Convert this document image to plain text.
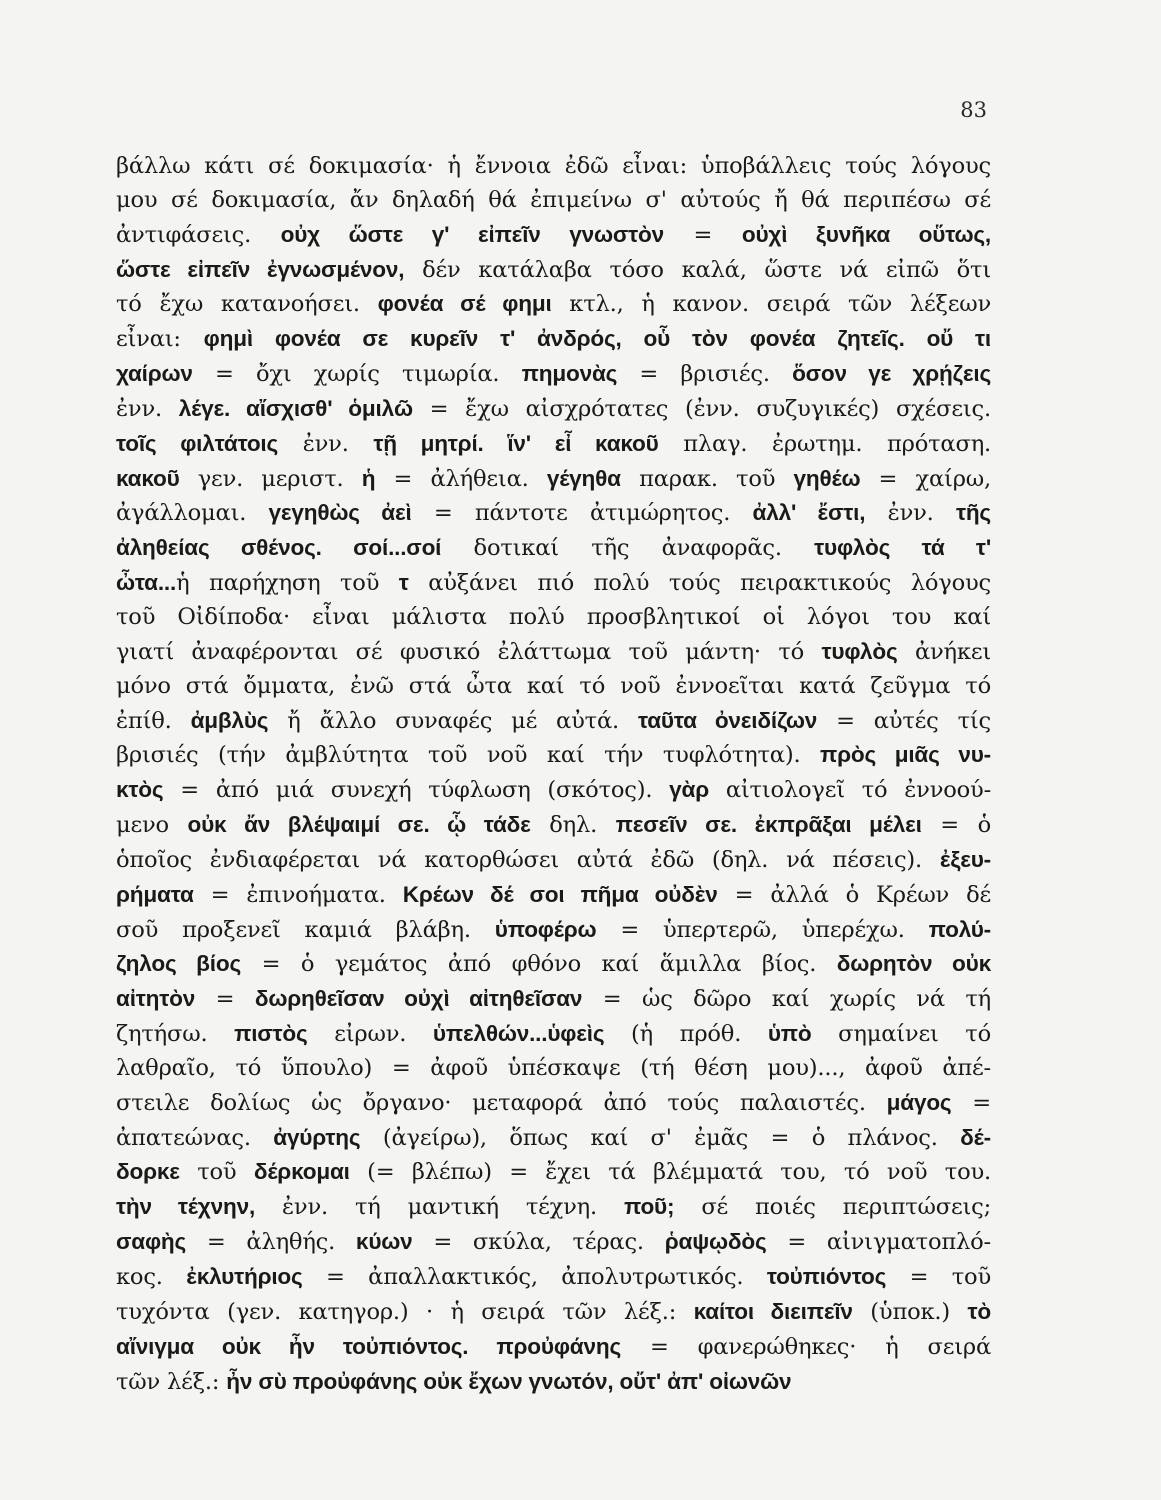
83
βάλλω κάτι σέ δοκιμασία· ἡ ἔννοια ἐδῶ εἶναι: ὑποβάλλεις τούς λόγους
μου σέ δοκιμασία, ἄν δηλαδή θά ἐπιμείνω σ' αὐτούς ἤ θά περιπέσω σέ
ἀντιφάσεις. οὐχ ὥστε γ' εἰπεῖν γνωστὸν = οὐχὶ ξυνῆκα οὕτως,
ὥστε εἰπεῖν ἐγνωσμένον, δέν κατάλαβα τόσο καλά, ὥστε νά εἰπῶ ὅτι
τό ἔχω κατανοήσει. φονέα σέ φημι κτλ., ἡ κανον. σειρά τῶν λέξεων
εἶναι: φημὶ φονέα σε κυρεῖν τ' ἀνδρός, οὗ τὸν φονέα ζητεῖς. οὔ τι
χαίρων = ὄχι χωρίς τιμωρία. πημονὰς = βρισιές. ὅσον γε χρῄζεις
ἐνν. λέγε. αἴσχισθ' ὁμιλῶ = ἔχω αἰσχρότατες (ἐνν. συζυγικές) σχέσεις.
τοῖς φιλτάτοις ἐνν. τῇ μητρί. ἵν' εἶ κακοῦ πλαγ. ἐρωτημ. πρόταση.
κακοῦ γεν. μεριστ. ἡ = ἀλήθεια. γέγηθα παρακ. τοῦ γηθέω = χαίρω,
ἀγάλλομαι. γεγηθὼς ἀεὶ = πάντοτε ἀτιμώρητος. ἀλλ' ἔστι, ἐνν. τῆς
ἀληθείας σθένος. σοί...σοί δοτικαί τῆς ἀναφορᾶς. τυφλὸς τά τ'
ὦτα...ἡ παρήχηση τοῦ τ αὐξάνει πιό πολύ τούς πειρακτικούς λόγους
τοῦ Οἰδίποδα· εἶναι μάλιστα πολύ προσβλητικοί οἱ λόγοι του καί
γιατί ἀναφέρονται σέ φυσικό ἐλάττωμα τοῦ μάντη· τό τυφλὸς ἀνήκει
μόνο στά ὄμματα, ἐνῶ στά ὦτα καί τό νοῦ ἐννοεῖται κατά ζεῦγμα τό
ἐπίθ. ἀμβλὺς ἤ ἄλλο συναφές μέ αὐτά. ταῦτα ὀνειδίζων = αὐτές τίς
βρισιές (τήν ἀμβλύτητα τοῦ νοῦ καί τήν τυφλότητα). πρὸς μιᾶς νυ-
κτὸς = ἀπό μιά συνεχή τύφλωση (σκότος). γὰρ αἰτιολογεῖ τό ἐννοού-
μενο οὐκ ἄν βλέψαιμί σε. ᾧ τάδε δηλ. πεσεῖν σε. ἐκπρᾶξαι μέλει = ὁ
ὁποῖος ἐνδιαφέρεται νά κατορθώσει αὐτά ἐδῶ (δηλ. νά πέσεις). ἐξευ-
ρήματα = ἐπινοήματα. Κρέων δέ σοι πῆμα οὐδὲν = ἀλλά ὁ Κρέων δέ
σοῦ προξενεῖ καμιά βλάβη. ὑποφέρω = ὑπερτερῶ, ὑπερέχω. πολύ-
ζηλος βίος = ὁ γεμάτος ἀπό φθόνο καί ἅμιλλα βίος. δωρητὸν οὐκ
αἰτητὸν = δωρηθεῖσαν οὐχὶ αἰτηθεῖσαν = ὡς δῶρο καί χωρίς νά τή
ζητήσω. πιστὸς εἰρων. ὑπελθών...ὑφεὶς (ἡ πρόθ. ὑπὸ σημαίνει τό
λαθραῖο, τό ὕπουλο) = ἀφοῦ ὑπέσκαψε (τή θέση μου)..., ἀφοῦ ἀπέ-
στειλε δολίως ὡς ὄργανο· μεταφορά ἀπό τούς παλαιστές. μάγος =
ἀπατεώνας. ἀγύρτης (ἀγείρω), ὅπως καί σ' ἐμᾶς = ὁ πλάνος. δέ-
δορκε τοῦ δέρκομαι (= βλέπω) = ἔχει τά βλέμματά του, τό νοῦ του.
τὴν τέχνην, ἐνν. τή μαντική τέχνη. ποῦ; σέ ποιές περιπτώσεις;
σαφὴς = ἀληθής. κύων = σκύλα, τέρας. ῥαψῳδὸς = αἰνιγματοπλό-
κος. ἐκλυτήριος = ἀπαλλακτικός, ἀπολυτρωτικός. τοὐπιόντος = τοῦ
τυχόντα (γεν. κατηγορ.) · ἡ σειρά τῶν λέξ.: καίτοι διειπεῖν (ὑποκ.) τὸ
αἴνιγμα οὐκ ἦν τοὐπιόντος. προὐφάνης = φανερώθηκες· ἡ σειρά
τῶν λέξ.: ἦν σὺ προὐφάνης οὐκ ἔχων γνωτόν, οὔτ' ἀπ' οἰωνῶν
